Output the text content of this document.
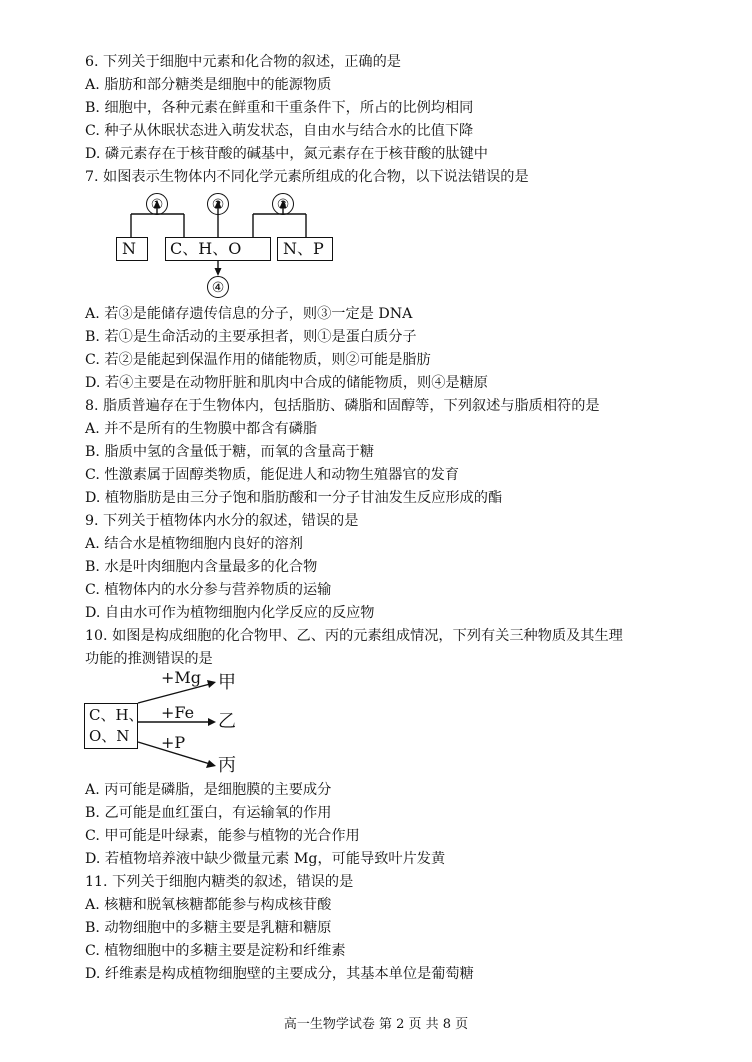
6. 下列关于细胞中元素和化合物的叙述，正确的是
A. 脂肪和部分糖类是细胞中的能源物质
B. 细胞中，各种元素在鲜重和干重条件下，所占的比例均相同
C. 种子从休眠状态进入萌发状态，自由水与结合水的比值下降
D. 磷元素存在于核苷酸的碱基中，氮元素存在于核苷酸的肽键中
7. 如图表示生物体内不同化学元素所组成的化合物，以下说法错误的是
N C、H、O	N、P
①	②	③
④
A. 若③是能储存遗传信息的分子，则③一定是 DNA
B. 若①是生命活动的主要承担者，则①是蛋白质分子
C. 若②是能起到保温作用的储能物质，则②可能是脂肪
D. 若④主要是在动物肝脏和肌肉中合成的储能物质，则④是糖原
8. 脂质普遍存在于生物体内，包括脂肪、磷脂和固醇等，下列叙述与脂质相符的是
A. 并不是所有的生物膜中都含有磷脂
B. 脂质中氢的含量低于糖，而氧的含量高于糖
C. 性激素属于固醇类物质，能促进人和动物生殖器官的发育
D. 植物脂肪是由三分子饱和脂肪酸和一分子甘油发生反应形成的酯
9. 下列关于植物体内水分的叙述，错误的是
A. 结合水是植物细胞内良好的溶剂
B. 水是叶肉细胞内含量最多的化合物
C. 植物体内的水分参与营养物质的运输
D. 自由水可作为植物细胞内化学反应的反应物
10. 如图是构成细胞的化合物甲、乙、丙的元素组成情况，下列有关三种物质及其生理
功能的推测错误的是
C、H、
O、N
+Mg
+Fe
+P
甲
乙
丙
A. 丙可能是磷脂，是细胞膜的主要成分
B. 乙可能是血红蛋白，有运输氧的作用
C. 甲可能是叶绿素，能参与植物的光合作用
D. 若植物培养液中缺少微量元素 Mg，可能导致叶片发黄
11. 下列关于细胞内糖类的叙述，错误的是
A. 核糖和脱氧核糖都能参与构成核苷酸
B. 动物细胞中的多糖主要是乳糖和糖原
C. 植物细胞中的多糖主要是淀粉和纤维素
D. 纤维素是构成植物细胞壁的主要成分，其基本单位是葡萄糖
高一生物学试卷 第 2 页 共 8 页
